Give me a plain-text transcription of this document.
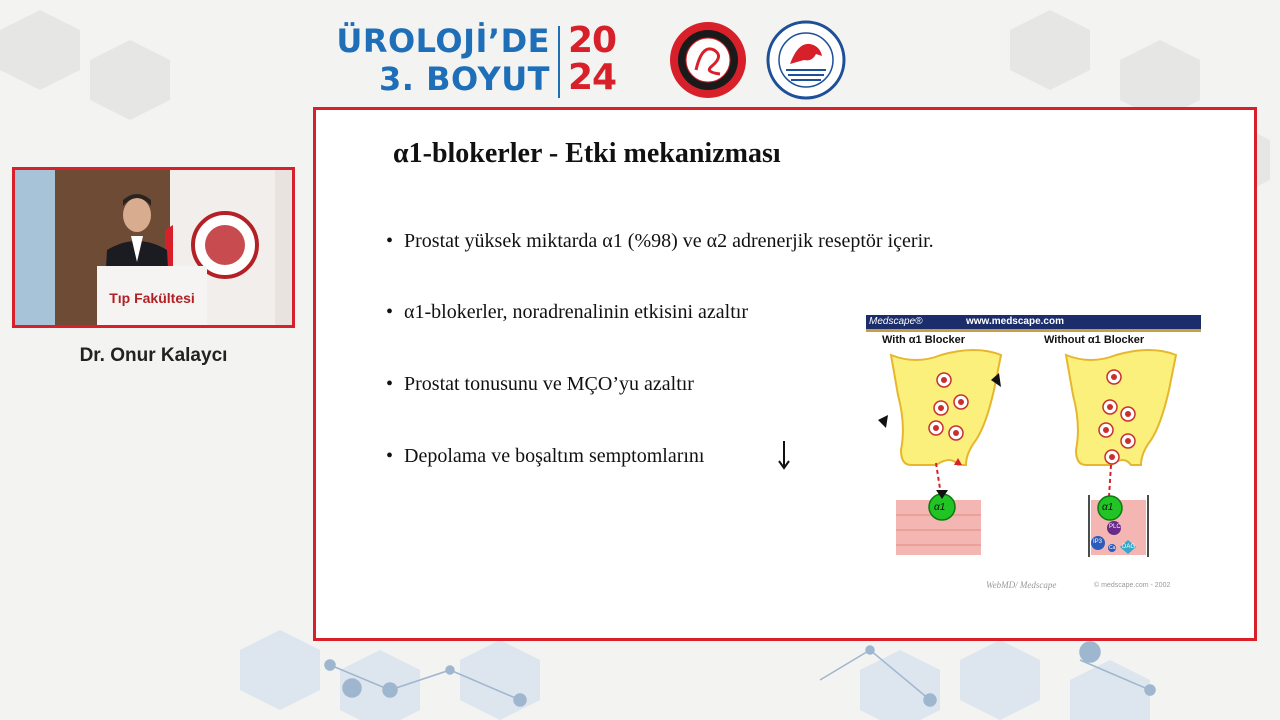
ÜROLOJİ’DE
3. BOYUT
20
24
Tıp Fakültesi
Dr. Onur Kalaycı
α1-blokerler - Etki mekanizması
• Prostat yüksek miktarda α1 (%98) ve α2 adrenerjik reseptör içerir.
• α1-blokerler, noradrenalinin etkisini azaltır
• Prostat tonusunu ve MÇO’yu azaltır
• Depolama ve boşaltım semptomlarını
Medscape®	www.medscape.com
With α1 Blocker	Without α1 Blocker
α1	α1
PLC
IP3
DAG
Ca
WebMD/ Medscape	© medscape.com - 2002
